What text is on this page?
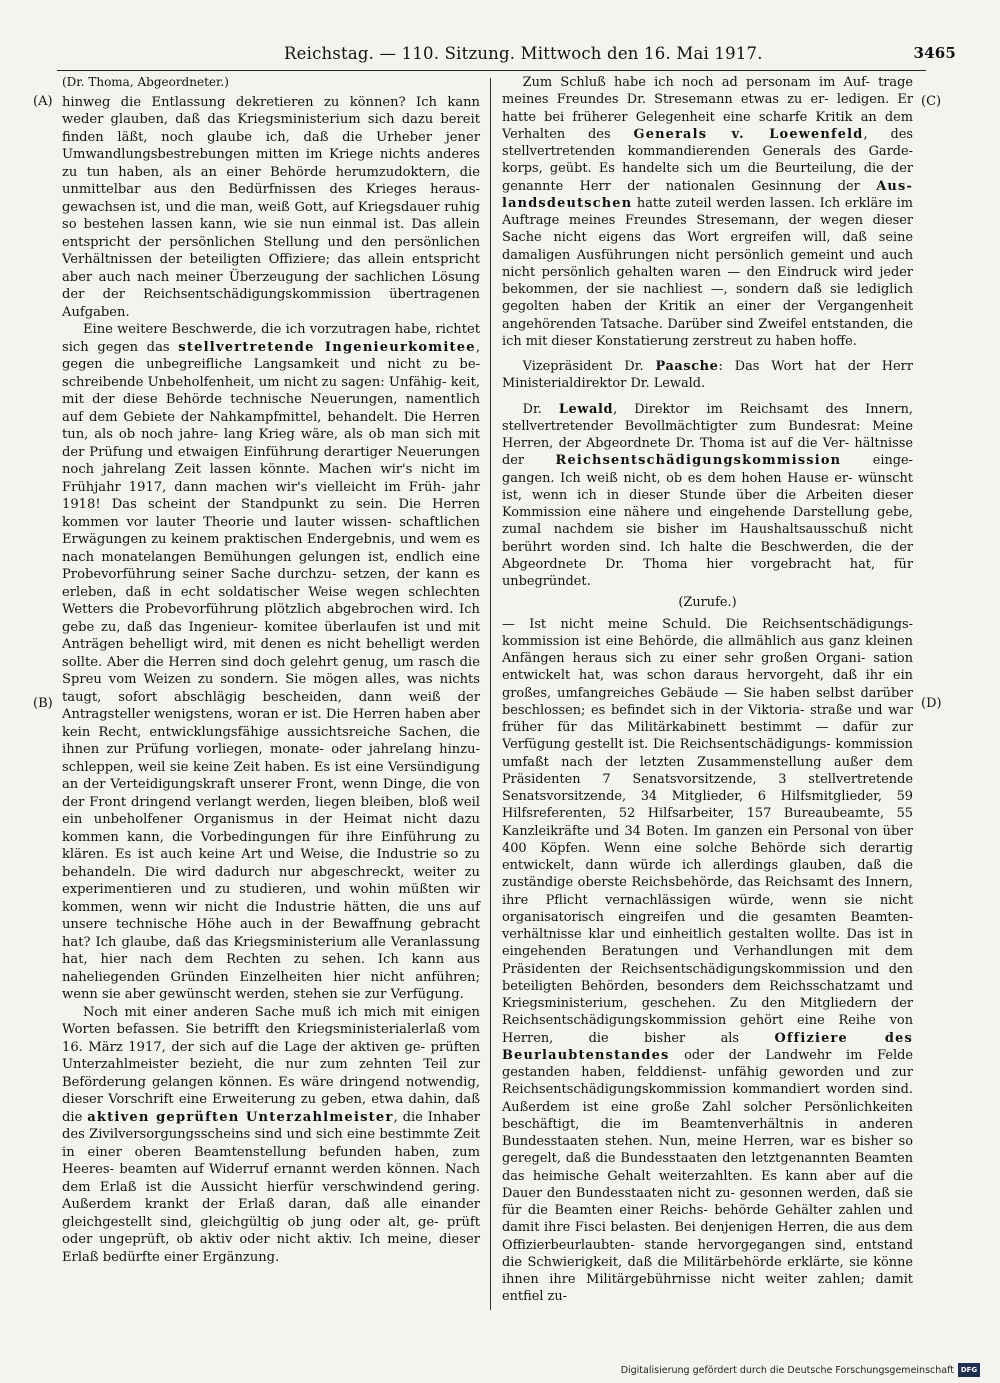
Reichstag. — 110. Sitzung. Mittwoch den 16. Mai 1917.	3465
(A)
(B)
(C)
(D)

(Dr. Thoma, Abgeordneter.)

hinweg die Entlassung dekretieren zu können? Ich kann weder glauben, daß das Kriegsministerium sich dazu bereit finden läßt, noch glaube ich, daß die Urheber jener Umwandlungsbestrebungen mitten im Kriege nichts anderes zu tun haben, als an einer Behörde herumzudoktern, die unmittelbar aus den Bedürfnissen des Krieges heraus- gewachsen ist, und die man, weiß Gott, auf Kriegsdauer ruhig so bestehen lassen kann, wie sie nun einmal ist. Das allein entspricht der persönlichen Stellung und den persönlichen Verhältnissen der beteiligten Offiziere; das allein entspricht aber auch nach meiner Überzeugung der sachlichen Lösung der der Reichsentschädigungskommission übertragenen Aufgaben.

Eine weitere Beschwerde, die ich vorzutragen habe, richtet sich gegen das stellvertretende Ingenieurkomitee, gegen die unbegreifliche Langsamkeit und nicht zu be- schreibende Unbeholfenheit, um nicht zu sagen: Unfähig- keit, mit der diese Behörde technische Neuerungen, namentlich auf dem Gebiete der Nahkampfmittel, behandelt. Die Herren tun, als ob noch jahre- lang Krieg wäre, als ob man sich mit der Prüfung und etwaigen Einführung derartiger Neuerungen noch jahrelang Zeit lassen könnte. Machen wir's nicht im Frühjahr 1917, dann machen wir's vielleicht im Früh- jahr 1918! Das scheint der Standpunkt zu sein. Die Herren kommen vor lauter Theorie und lauter wissen- schaftlichen Erwägungen zu keinem praktischen Endergebnis, und wem es nach monatelangen Bemühungen gelungen ist, endlich eine Probevorführung seiner Sache durchzu- setzen, der kann es erleben, daß in echt soldatischer Weise wegen schlechten Wetters die Probevorführung plötzlich abgebrochen wird. Ich gebe zu, daß das Ingenieur- komitee überlaufen ist und mit Anträgen behelligt wird, mit denen es nicht behelligt werden sollte. Aber die Herren sind doch gelehrt genug, um rasch die Spreu vom Weizen zu sondern. Sie mögen alles, was nichts taugt, sofort abschlägig bescheiden, dann weiß der Antragsteller wenigstens, woran er ist. Die Herren haben aber kein Recht, entwicklungsfähige aussichtsreiche Sachen, die ihnen zur Prüfung vorliegen, monate- oder jahrelang hinzu- schleppen, weil sie keine Zeit haben. Es ist eine Versündigung an der Verteidigungskraft unserer Front, wenn Dinge, die von der Front dringend verlangt werden, liegen bleiben, bloß weil ein unbeholfener Organismus in der Heimat nicht dazu kommen kann, die Vorbedingungen für ihre Einführung zu klären. Es ist auch keine Art und Weise, die Industrie so zu behandeln. Die wird dadurch nur abgeschreckt, weiter zu experimentieren und zu studieren, und wohin müßten wir kommen, wenn wir nicht die Industrie hätten, die uns auf unsere technische Höhe auch in der Bewaffnung gebracht hat? Ich glaube, daß das Kriegsministerium alle Veranlassung hat, hier nach dem Rechten zu sehen. Ich kann aus naheliegenden Gründen Einzelheiten hier nicht anführen; wenn sie aber gewünscht werden, stehen sie zur Verfügung.

Noch mit einer anderen Sache muß ich mich mit einigen Worten befassen. Sie betrifft den Kriegsministerialerlaß vom 16. März 1917, der sich auf die Lage der aktiven ge- prüften Unterzahlmeister bezieht, die nur zum zehnten Teil zur Beförderung gelangen können. Es wäre dringend notwendig, dieser Vorschrift eine Erweiterung zu geben, etwa dahin, daß die aktiven geprüften Unterzahlmeister, die Inhaber des Zivilversorgungsscheins sind und sich eine bestimmte Zeit in einer oberen Beamtenstellung befunden haben, zum Heeres- beamten auf Widerruf ernannt werden können. Nach dem Erlaß ist die Aussicht hierfür verschwindend gering. Außerdem krankt der Erlaß daran, daß alle einander gleichgestellt sind, gleichgültig ob jung oder alt, ge- prüft oder ungeprüft, ob aktiv oder nicht aktiv. Ich meine, dieser Erlaß bedürfte einer Ergänzung.

Zum Schluß habe ich noch ad personam im Auf- trage meines Freundes Dr. Stresemann etwas zu er- ledigen. Er hatte bei früherer Gelegenheit eine scharfe Kritik an dem Verhalten des Generals v. Loewenfeld, des stellvertretenden kommandierenden Generals des Garde- korps, geübt. Es handelte sich um die Beurteilung, die der genannte Herr der nationalen Gesinnung der Aus- landsdeutschen hatte zuteil werden lassen. Ich erkläre im Auftrage meines Freundes Stresemann, der wegen dieser Sache nicht eigens das Wort ergreifen will, daß seine damaligen Ausführungen nicht persönlich gemeint und auch nicht persönlich gehalten waren — den Eindruck wird jeder bekommen, der sie nachliest —, sondern daß sie lediglich gegolten haben der Kritik an einer der Vergangenheit angehörenden Tatsache. Darüber sind Zweifel entstanden, die ich mit dieser Konstatierung zerstreut zu haben hoffe.

Vizepräsident Dr. Paasche: Das Wort hat der Herr Ministerialdirektor Dr. Lewald.

Dr. Lewald, Direktor im Reichsamt des Innern, stellvertretender Bevollmächtigter zum Bundesrat: Meine Herren, der Abgeordnete Dr. Thoma ist auf die Ver- hältnisse der Reichsentschädigungskommission einge- gangen. Ich weiß nicht, ob es dem hohen Hause er- wünscht ist, wenn ich in dieser Stunde über die Arbeiten dieser Kommission eine nähere und eingehende Darstellung gebe, zumal nachdem sie bisher im Haushaltsausschuß nicht berührt worden sind. Ich halte die Beschwerden, die der Abgeordnete Dr. Thoma hier vorgebracht hat, für unbegründet.

(Zurufe.)

— Ist nicht meine Schuld. Die Reichsentschädigungs- kommission ist eine Behörde, die allmählich aus ganz kleinen Anfängen heraus sich zu einer sehr großen Organi- sation entwickelt hat, was schon daraus hervorgeht, daß ihr ein großes, umfangreiches Gebäude — Sie haben selbst darüber beschlossen; es befindet sich in der Viktoria- straße und war früher für das Militärkabinett bestimmt — dafür zur Verfügung gestellt ist. Die Reichsentschädigungs- kommission umfaßt nach der letzten Zusammenstellung außer dem Präsidenten 7 Senatsvorsitzende, 3 stellvertretende Senatsvorsitzende, 34 Mitglieder, 6 Hilfsmitglieder, 59 Hilfsreferenten, 52 Hilfsarbeiter, 157 Bureaubeamte, 55 Kanzleikräfte und 34 Boten. Im ganzen ein Personal von über 400 Köpfen. Wenn eine solche Behörde sich derartig entwickelt, dann würde ich allerdings glauben, daß die zuständige oberste Reichsbehörde, das Reichsamt des Innern, ihre Pflicht vernachlässigen würde, wenn sie nicht organisatorisch eingreifen und die gesamten Beamten- verhältnisse klar und einheitlich gestalten wollte. Das ist in eingehenden Beratungen und Verhandlungen mit dem Präsidenten der Reichsentschädigungskommission und den beteiligten Behörden, besonders dem Reichsschatzamt und Kriegsministerium, geschehen. Zu den Mitgliedern der Reichsentschädigungskommission gehört eine Reihe von Herren, die bisher als Offiziere des Beurlaubtenstandes oder der Landwehr im Felde gestanden haben, felddienst- unfähig geworden und zur Reichsentschädigungskommission kommandiert worden sind. Außerdem ist eine große Zahl solcher Persönlichkeiten beschäftigt, die im Beamtenverhältnis in anderen Bundesstaaten stehen. Nun, meine Herren, war es bisher so geregelt, daß die Bundesstaaten den letztgenannten Beamten das heimische Gehalt weiterzahlten. Es kann aber auf die Dauer den Bundesstaaten nicht zu- gesonnen werden, daß sie für die Beamten einer Reichs- behörde Gehälter zahlen und damit ihre Fisci belasten. Bei denjenigen Herren, die aus dem Offizierbeurlaubten- stande hervorgegangen sind, entstand die Schwierigkeit, daß die Militärbehörde erklärte, sie könne ihnen ihre Militärgebührnisse nicht weiter zahlen; damit entfiel zu-

Digitalisierung gefördert durch die Deutsche Forschungsgemeinschaft DFG
